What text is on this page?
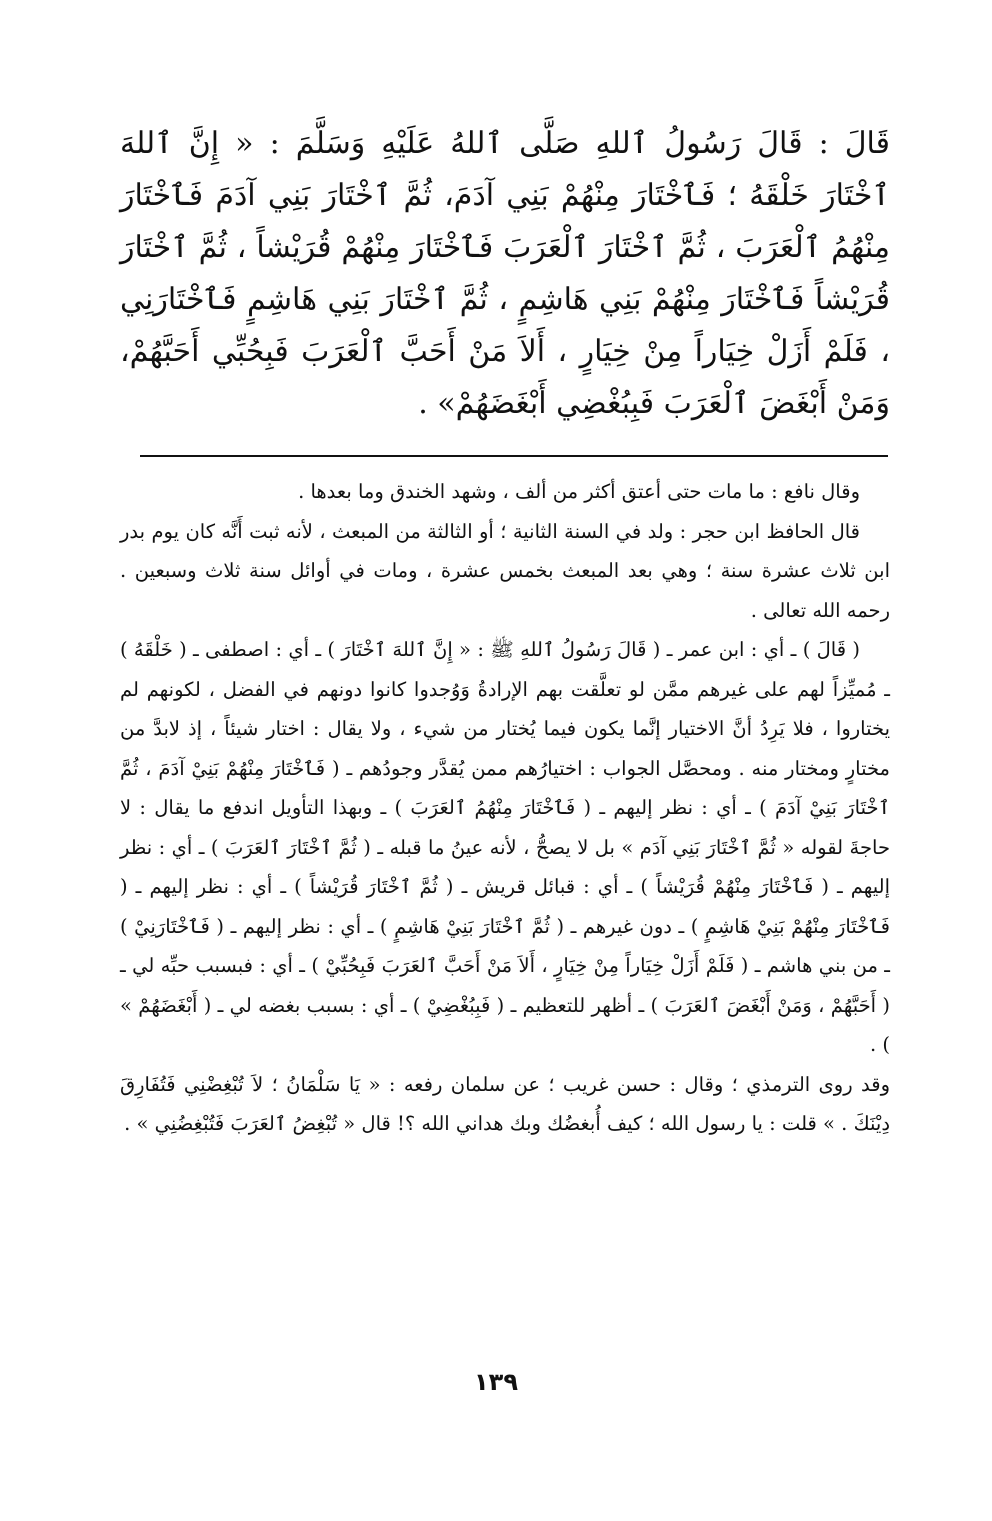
قَالَ : قَالَ رَسُولُ ٱللهِ صَلَّى ٱللهُ عَلَيْهِ وَسَلَّمَ : « إِنَّ ٱللهَ ٱخْتَارَ خَلْقَهُ ؛ فَٱخْتَارَ مِنْهُمْ بَنِي آدَمَ، ثُمَّ ٱخْتَارَ بَنِي آدَمَ فَٱخْتَارَ مِنْهُمُ ٱلْعَرَبَ ، ثُمَّ ٱخْتَارَ ٱلْعَرَبَ فَٱخْتَارَ مِنْهُمْ قُرَيْشاً ، ثُمَّ ٱخْتَارَ قُرَيْشاً فَٱخْتَارَ مِنْهُمْ بَنِي هَاشِمٍ ، ثُمَّ ٱخْتَارَ بَنِي هَاشِمٍ فَٱخْتَارَنِي ، فَلَمْ أَزَلْ خِيَاراً مِنْ خِيَارٍ ، أَلاَ مَنْ أَحَبَّ ٱلْعَرَبَ فَبِحُبِّي أَحَبَّهُمْ، وَمَنْ أَبْغَضَ ٱلْعَرَبَ فَبِبُغْضِي أَبْغَضَهُمْ» .

وقال نافع : ما مات حتى أعتق أكثر من ألف ، وشهد الخندق وما بعدها .

قال الحافظ ابن حجر : ولد في السنة الثانية ؛ أو الثالثة من المبعث ، لأنه ثبت أَنَّه كان يوم بدر ابن ثلاث عشرة سنة ؛ وهي بعد المبعث بخمس عشرة ، ومات في أوائل سنة ثلاث وسبعين . رحمه الله تعالى .

( قَالَ ) ـ أي : ابن عمر ـ ( قَالَ رَسُولُ ٱللهِ ﷺ : « إِنَّ ٱللهَ ٱخْتَارَ ) ـ أي : اصطفى ـ ( خَلْقَهُ ) ـ مُميِّزاً لهم على غيرهم ممَّن لو تعلَّقت بهم الإرادةُ وَوُجدوا كانوا دونهم في الفضل ، لكونهم لم يختاروا ، فلا يَرِدُ أنَّ الاختيار إنَّما يكون فيما يُختار من شيء ، ولا يقال : اختار شيئاً ، إذ لابدَّ من مختارٍ ومختار منه . ومحصَّل الجواب : اختيارُهم ممن يُقدَّر وجودُهم ـ ( فَٱخْتَارَ مِنْهُمْ بَنِيْ آدَمَ ، ثُمَّ ٱخْتَارَ بَنِيْ آدَمَ ) ـ أي : نظر إليهم ـ ( فَٱخْتَارَ مِنْهُمُ ٱلعَرَبَ ) ـ وبهذا التأويل اندفع ما يقال : لا حاجةَ لقوله « ثُمَّ ٱخْتَارَ بَنِي آدَم » بل لا يصحُّ ، لأنه عينُ ما قبله ـ ( ثُمَّ ٱخْتَارَ ٱلعَرَبَ ) ـ أي : نظر إليهم ـ ( فَٱخْتَارَ مِنْهُمْ قُرَيْشاً ) ـ أي : قبائل قريش ـ ( ثُمَّ ٱخْتَارَ قُرَيْشاً ) ـ أي : نظر إليهم ـ ( فَٱخْتَارَ مِنْهُمْ بَنِيْ هَاشِمٍ ) ـ دون غيرهم ـ ( ثُمَّ ٱخْتَارَ بَنِيْ هَاشِمٍ ) ـ أي : نظر إليهم ـ ( فَٱخْتَارَنِيْ ) ـ من بني هاشم ـ ( فَلَمْ أَزَلْ خِيَاراً مِنْ خِيَارٍ ، أَلاَ مَنْ أَحَبَّ ٱلعَرَبَ فَبِحُبِّيْ ) ـ أي : فبسبب حبِّه لي ـ ( أَحَبَّهُمْ ، وَمَنْ أَبْغَضَ ٱلعَرَبَ ) ـ أظهر للتعظيم ـ ( فَبِبُغْضِيْ ) ـ أي : بسبب بغضه لي ـ ( أَبْغَضَهُمْ » ) .

وقد روى الترمذي ؛ وقال : حسن غريب ؛ عن سلمان رفعه : « يَا سَلْمَانُ ؛ لاَ تُبْغِضْنِي فَتُفَارِقَ دِيْنَكَ . » قلت : يا رسول الله ؛ كيف أُبغضُك وبك هداني الله ؟! قال « تُبْغِضُ ٱلعَرَبَ فَتُبْغِضُنِي » .

١٣٩
